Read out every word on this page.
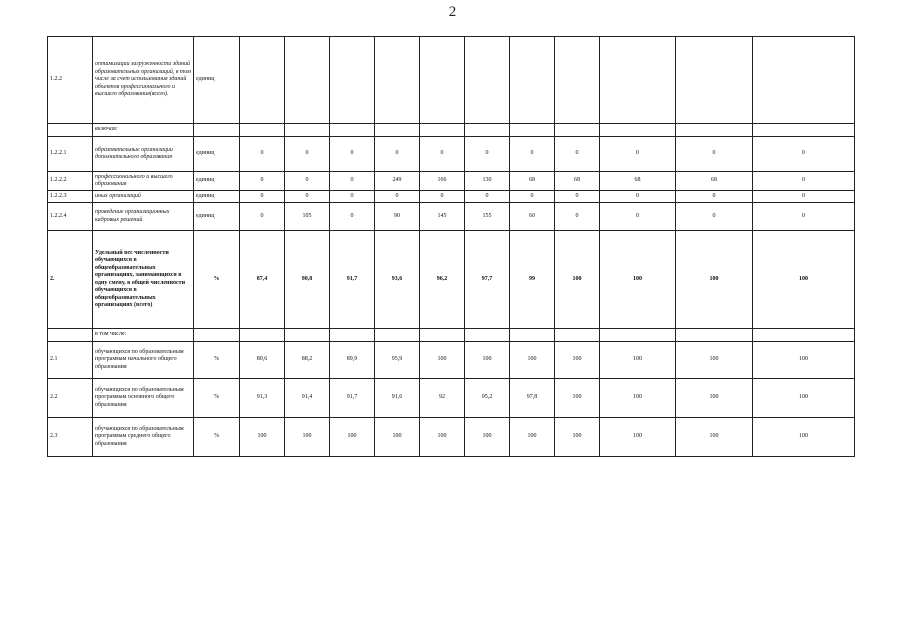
2
1.2.2	оптимизации загруженности зданий образовательных организаций, в том числе за счет использования зданий объектов профессионального и высшего образования(всего).	единиц											
	включая:												
1.2.2.1	образовательные организации дополнительного образования	единиц	0	0	0	0	0	0	0	0	0	0	0
1.2.2.2	профессионального и высшего образования	единиц	0	0	0	249	166	130	68	68	68	68	0
1.2.2.3	иных организаций	единиц	0	0	0	0	0	0	0	0	0	0	0
1.2.2.4	проведение организационных кадровых решений	единиц	0	105	0	90	145	155	60	0	0	0	0
2.	Удельный вес численности обучающихся в общеобразовательных организациях, занимающихся в одну смену, в общей численности обучающихся в общеобразовательных организациях (всего)	%	87,4	90,8	91,7	93,6	96,2	97,7	99	100	100	100	100
	в том числе:												
2.1	обучающихся по образовательным программам начального общего образования	%	80,6	88,2	89,9	95,9	100	100	100	100	100	100	100
2.2	обучающихся по образовательным программам основного общего образования	%	91,3	91,4	91,7	91,6	92	95,2	97,8	100	100	100	100
2.3	обучающихся по образовательным программам среднего общего образования	%	100	100	100	100	100	100	100	100	100	100	100
